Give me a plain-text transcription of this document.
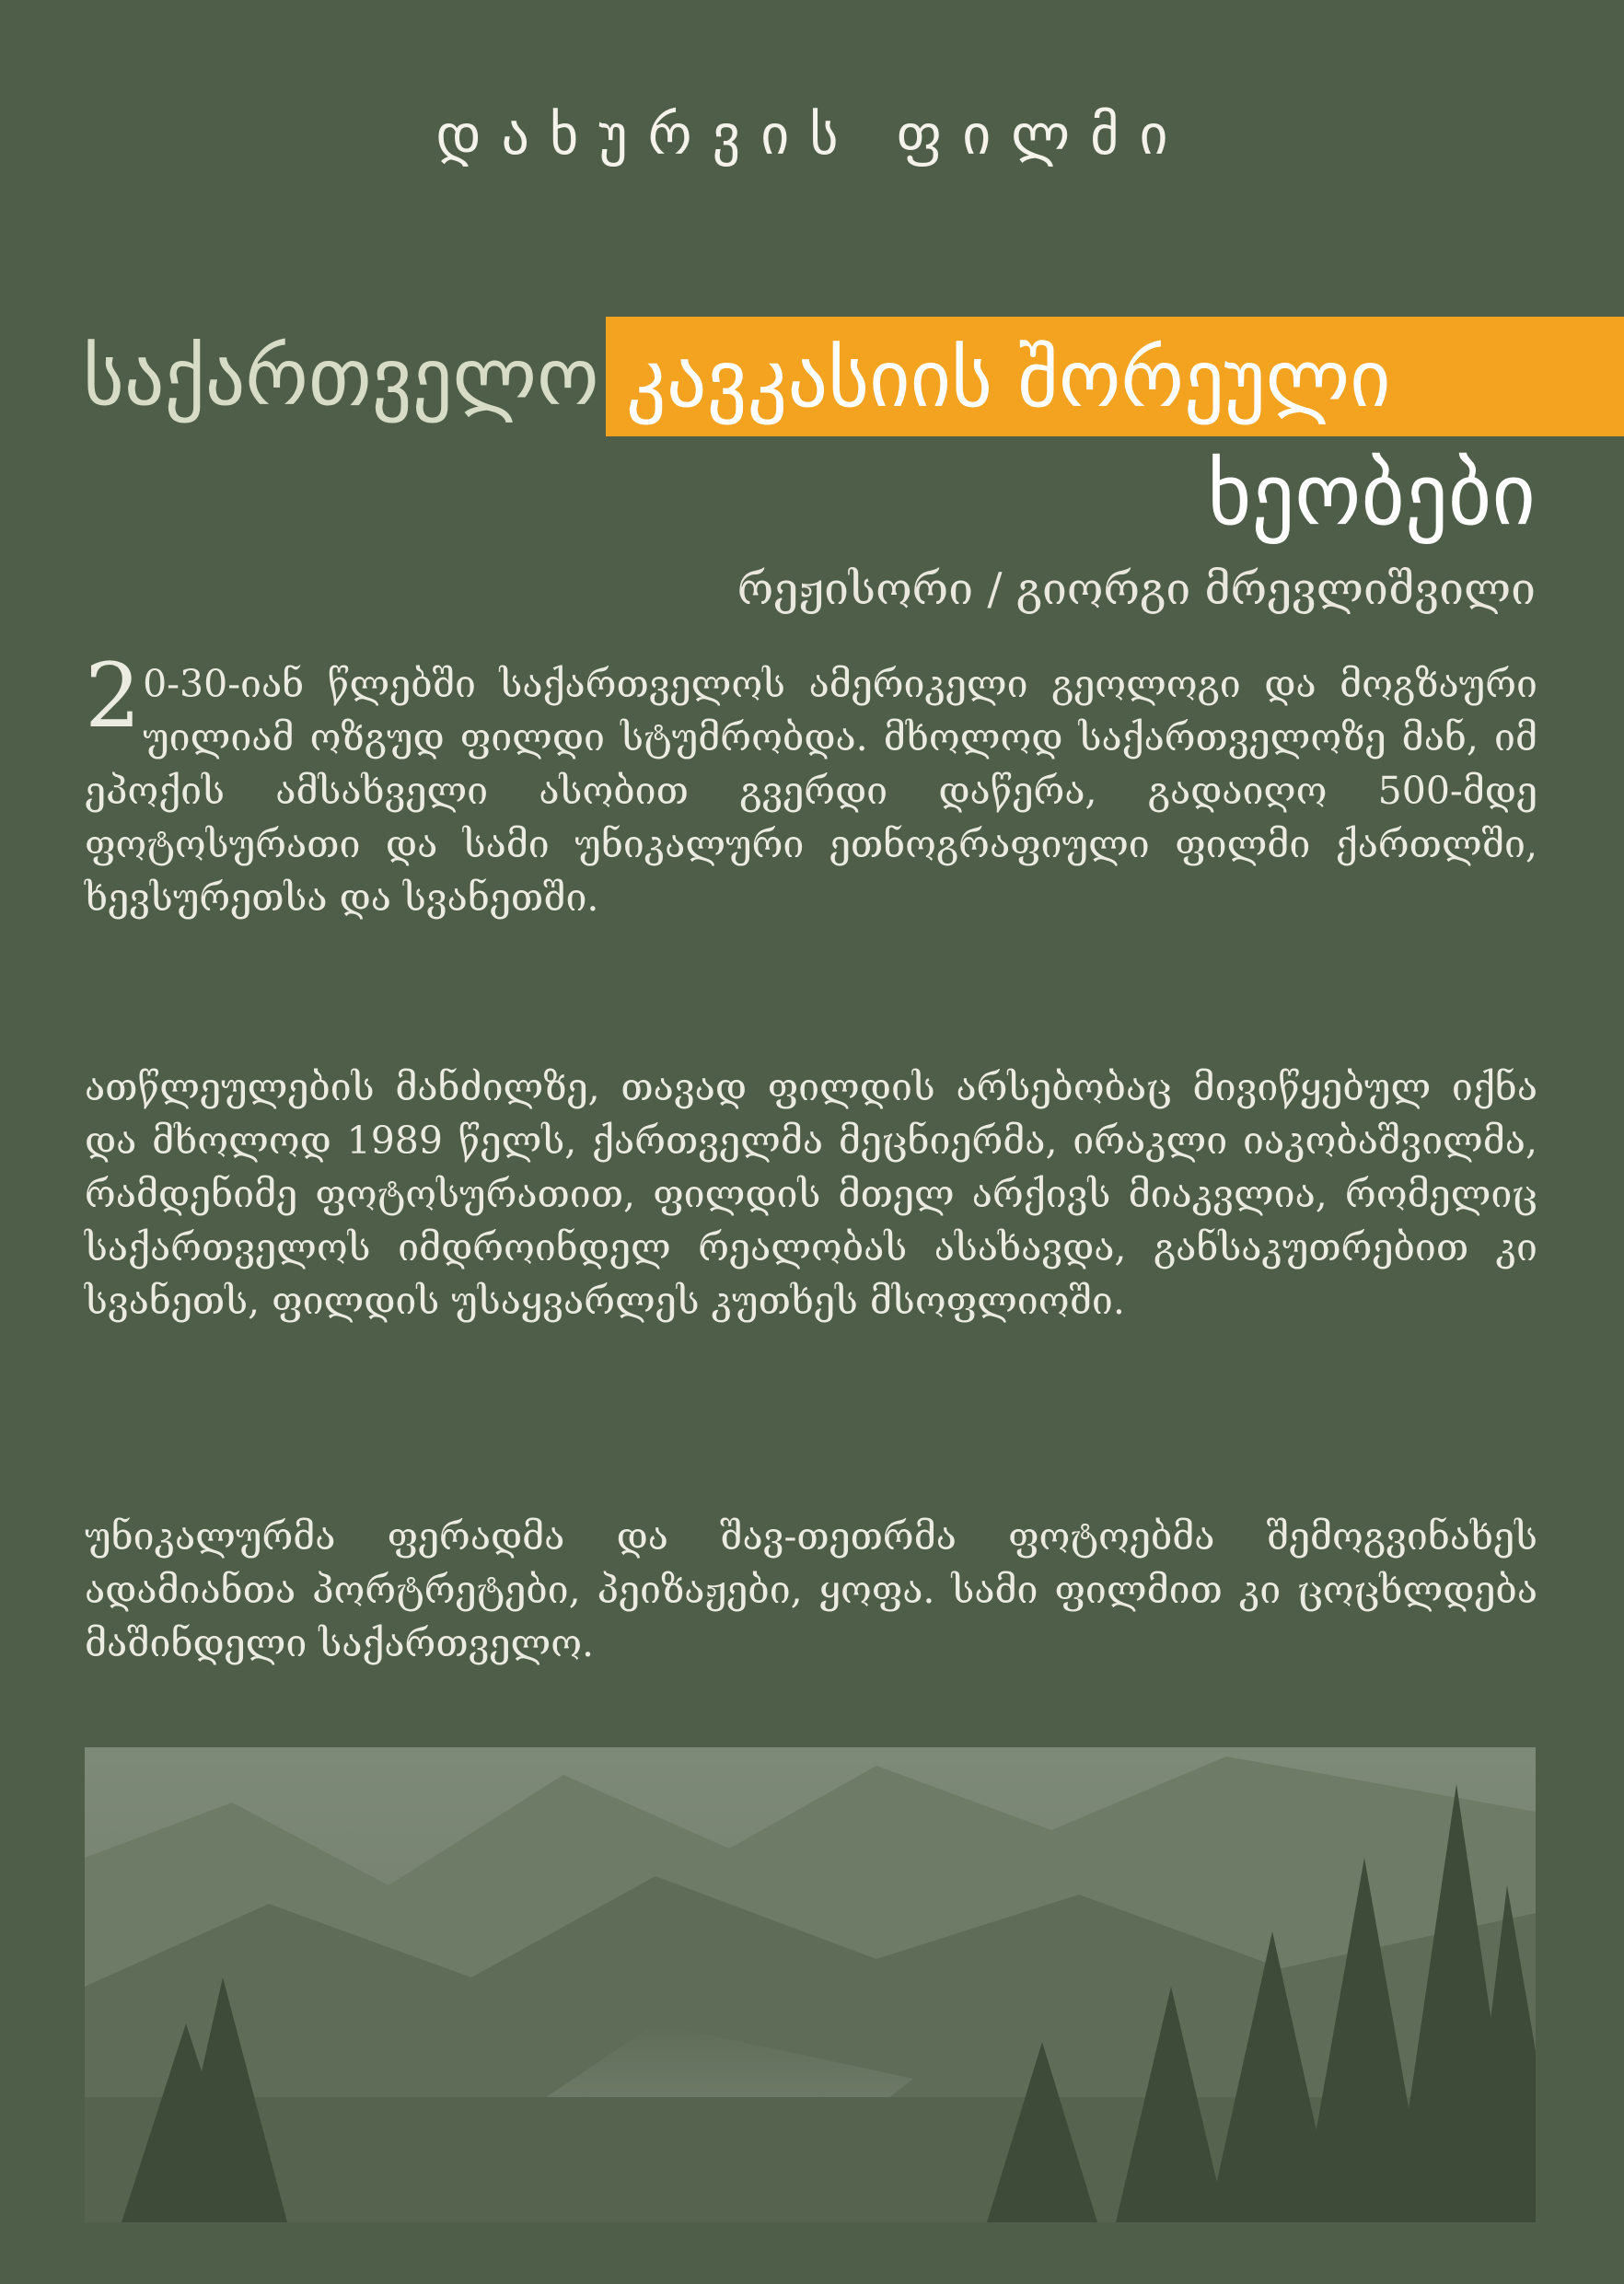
დახურვის ფილმი
საქართველო კავკასიის შორეული
ხეობები
რეჟისორი / გიორგი მრევლიშვილი
2 0-30-იან წლებში საქართველოს ამერიკელი გეოლოგი და მოგზაური უილიამ ოზგუდ ფილდი სტუმრობდა. მხოლოდ საქართველოზე მან, იმ ეპოქის ამსახველი ასობით გვერდი დაწერა, გადაიღო 500-მდე ფოტოსურათი და სამი უნიკალური ეთნოგრაფიული ფილმი ქართლში, ხევსურეთსა და სვანეთში.
ათწლეულების მანძილზე, თავად ფილდის არსებობაც მივიწყებულ იქნა და მხოლოდ 1989 წელს, ქართველმა მეცნიერმა, ირაკლი იაკობაშვილმა, რამდენიმე ფოტოსურათით, ფილდის მთელ არქივს მიაკვლია, რომელიც საქართველოს იმდროინდელ რეალობას ასახავდა, განსაკუთრებით კი სვანეთს, ფილდის უსაყვარლეს კუთხეს მსოფლიოში.
უნიკალურმა ფერადმა და შავ-თეთრმა ფოტოებმა შემოგვინახეს ადამიანთა პორტრეტები, პეიზაჟები, ყოფა. სამი ფილმით კი ცოცხლდება მაშინდელი საქართველო.
